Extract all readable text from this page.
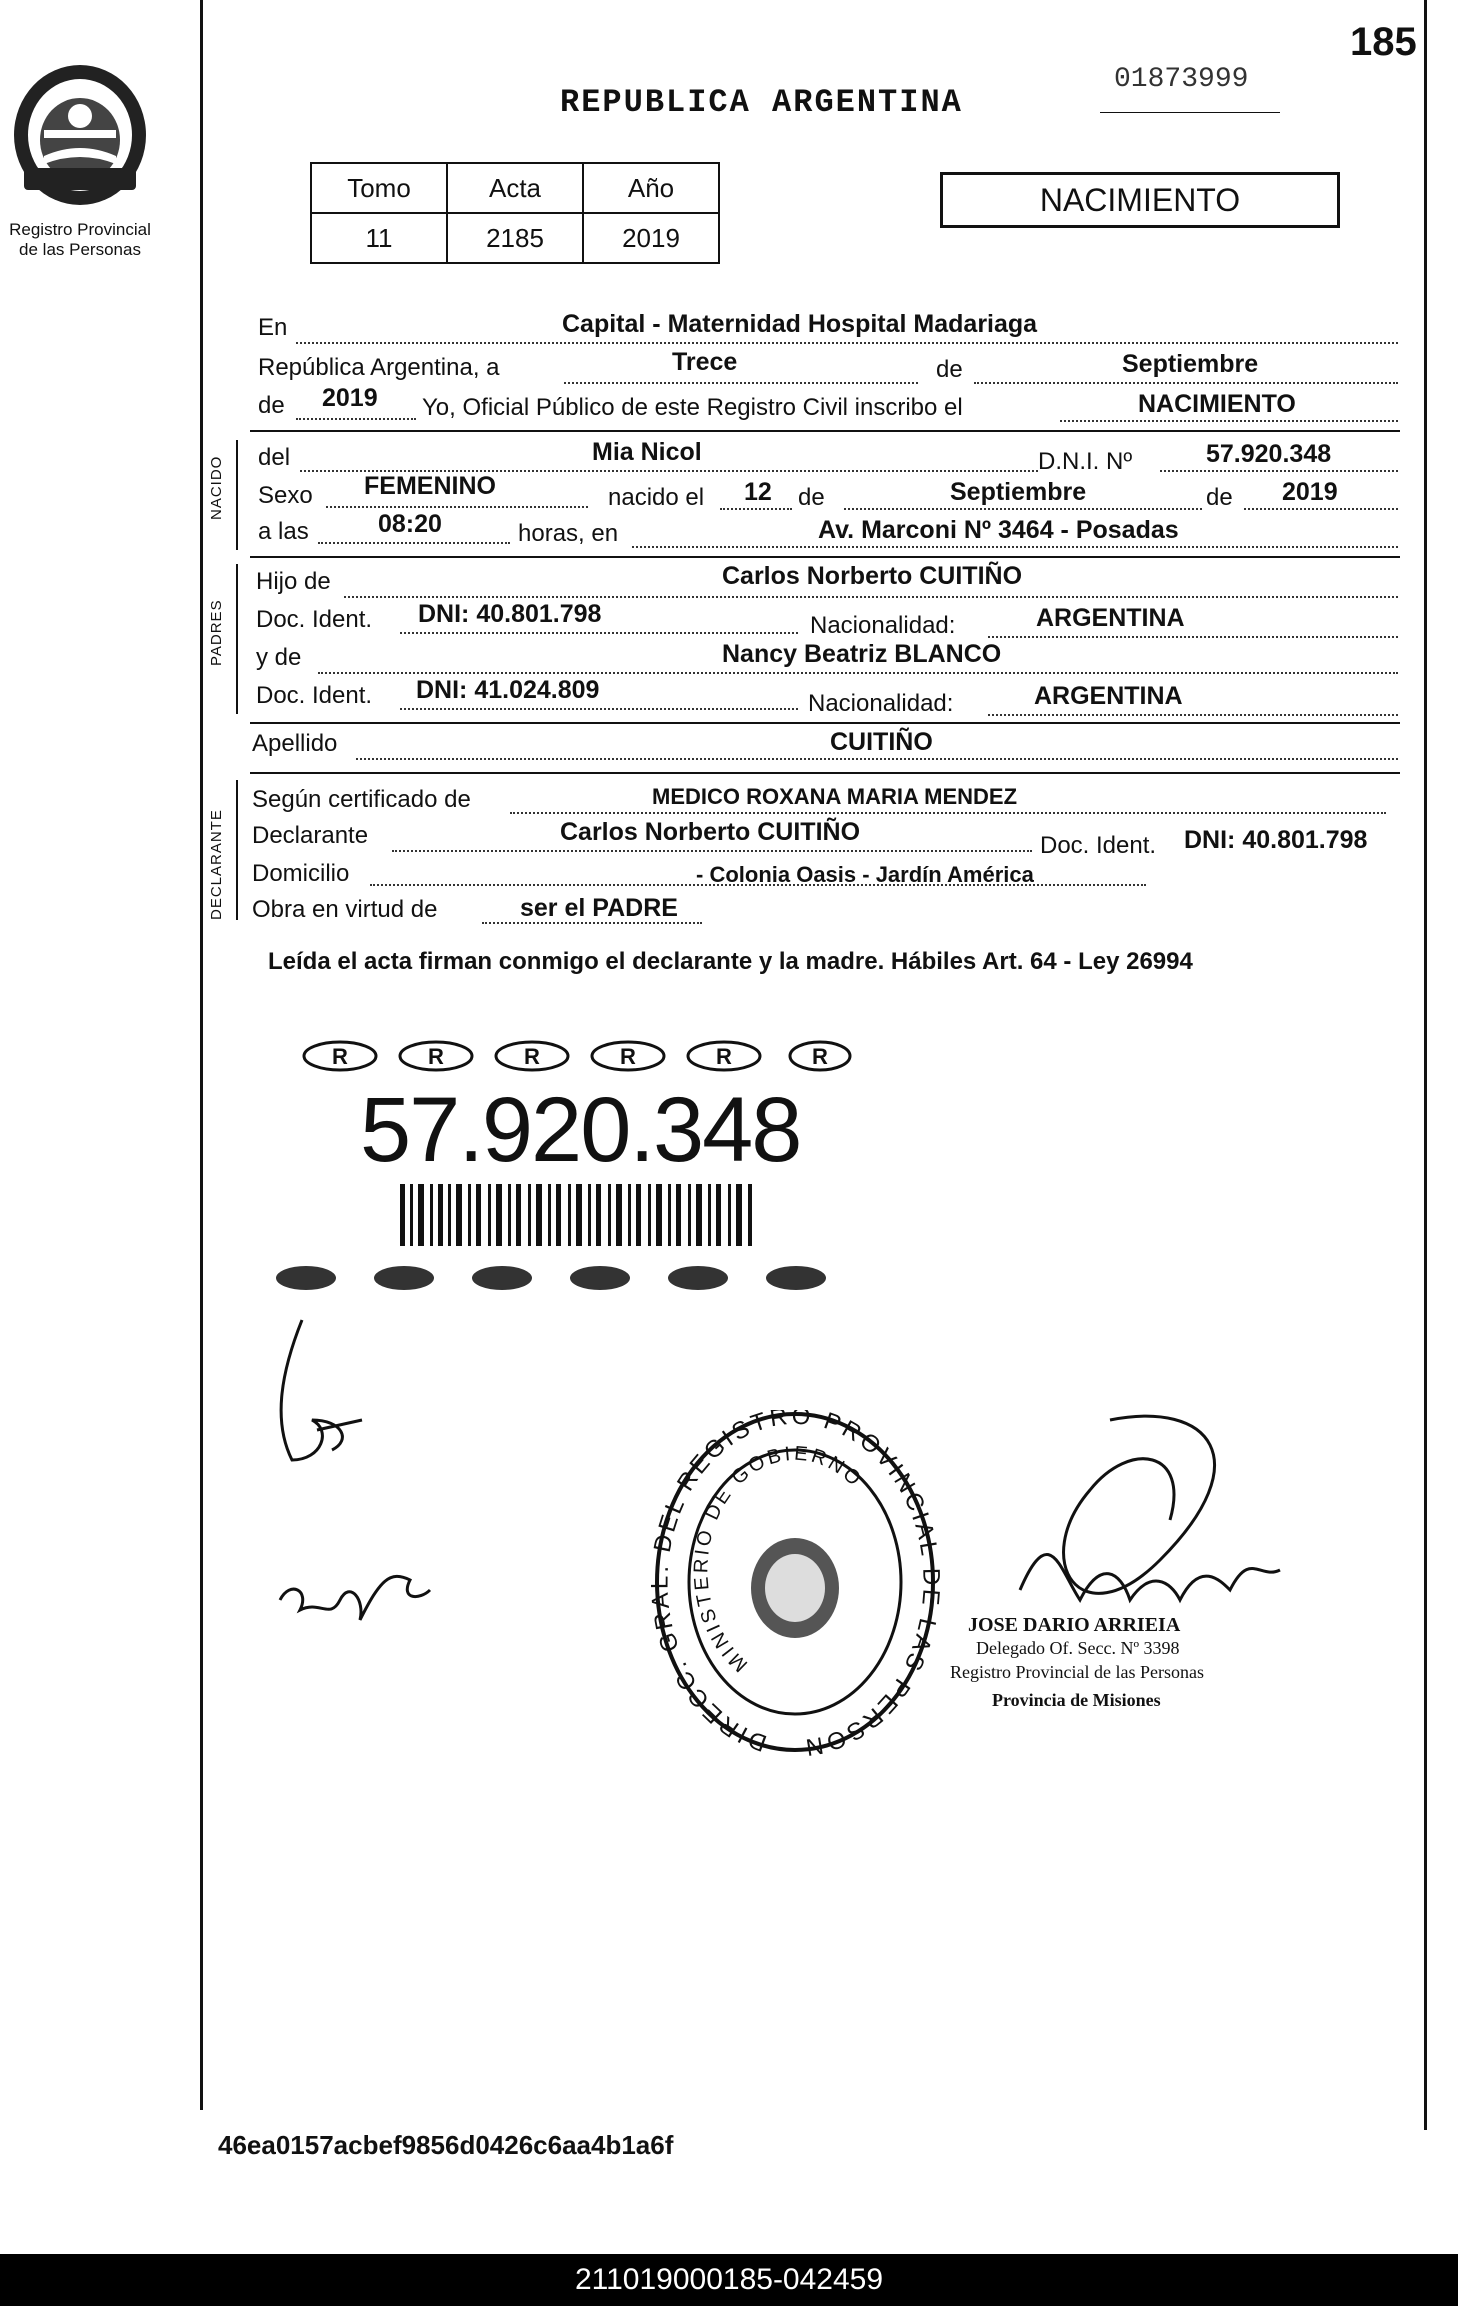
185
01873999
Registro Provincial
de las Personas
REPUBLICA ARGENTINA
Tomo	Acta	Año
11	2185	2019
NACIMIENTO
En	Capital - Maternidad Hospital Madariaga
República Argentina, a	Trece	de	Septiembre
de 2019 Yo, Oficial Público de este Registro Civil inscribo el	NACIMIENTO
NACIDO del	Mia Nicol	D.N.I. Nº	57.920.348
Sexo FEMENINO	nacido el 12 de	Septiembre	de 2019
a las	08:20	horas, en	Av. Marconi Nº 3464 - Posadas
PADRES
Hijo de	Carlos Norberto CUITIÑO
Doc. Ident. DNI: 40.801.798	Nacionalidad:	ARGENTINA
y de	Nancy Beatriz BLANCO
Doc. Ident. DNI: 41.024.809	Nacionalidad:	ARGENTINA
Apellido	CUITIÑO
DECLARANTE
Según certificado de	MEDICO ROXANA MARIA MENDEZ
Declarante	Carlos Norberto CUITIÑO	Doc. Ident. DNI: 40.801.798
Domicilio	- Colonia Oasis - Jardín América
Obra en virtud de	ser el PADRE
Leída el acta firman conmigo el declarante y la madre. Hábiles Art. 64 - Ley 26994
R	R	R	R	R	R
57.920.348
DIRECC. GR DEL REGISTRO PROVINCIA LAS PERSON
MINISTERIO DE GOBIERNO
JOSE DARIO ARRIEIA
Delegado Of. Secc. Nº 3398
Registro Provincial de las Personas
Provincia de Misiones
46ea0157acbef9856d0426c6aa4b1a6f
211019000185-042459
